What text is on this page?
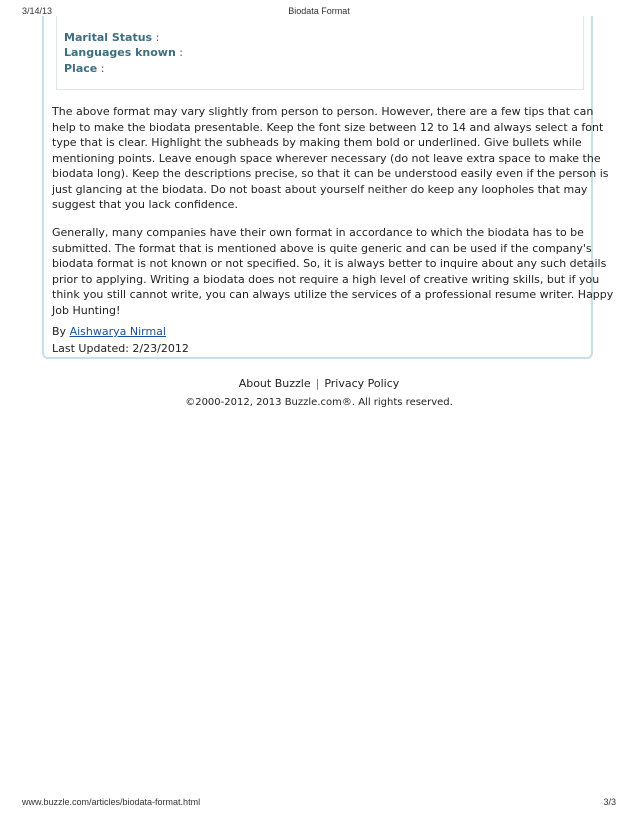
3/14/13	Biodata Format
Marital Status :
Languages known :
Place :
The above format may vary slightly from person to person. However, there are a few tips that can
help to make the biodata presentable. Keep the font size between 12 to 14 and always select a font
type that is clear. Highlight the subheads by making them bold or underlined. Give bullets while
mentioning points. Leave enough space wherever necessary (do not leave extra space to make the
biodata long). Keep the descriptions precise, so that it can be understood easily even if the person is
just glancing at the biodata. Do not boast about yourself neither do keep any loopholes that may
suggest that you lack confidence.
Generally, many companies have their own format in accordance to which the biodata has to be
submitted. The format that is mentioned above is quite generic and can be used if the company's
biodata format is not known or not specified. So, it is always better to inquire about any such details
prior to applying. Writing a biodata does not require a high level of creative writing skills, but if you
think you still cannot write, you can always utilize the services of a professional resume writer. Happy
Job Hunting!
By Aishwarya Nirmal
Last Updated: 2/23/2012
About Buzzle | Privacy Policy
©2000-2012, 2013 Buzzle.com®. All rights reserved.
www.buzzle.com/articles/biodata-format.html	3/3
